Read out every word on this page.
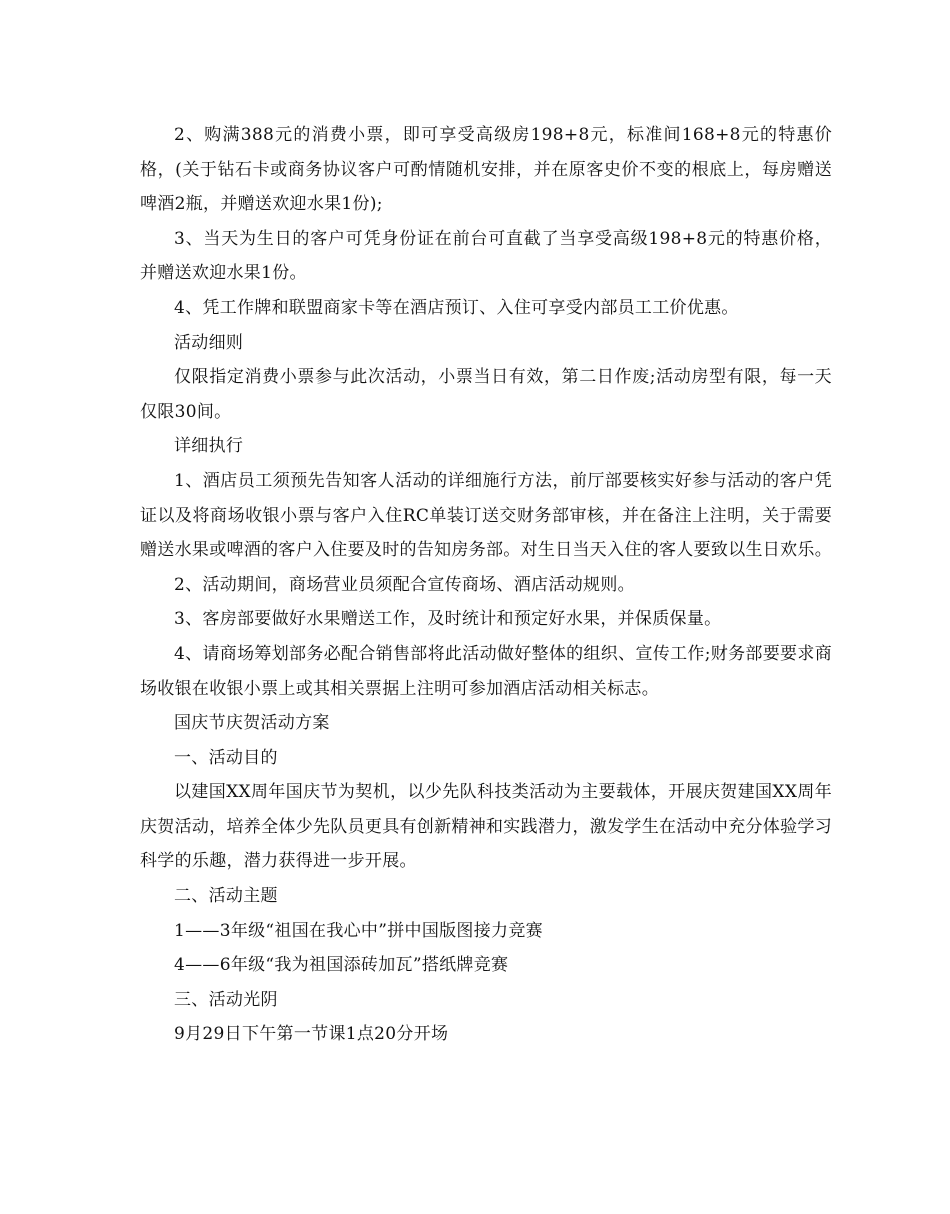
2、购满388元的消费小票，即可享受高级房198+8元，标准间168+8元的特惠价格，(关于钻石卡或商务协议客户可酌情随机安排，并在原客史价不变的根底上，每房赠送啤酒2瓶，并赠送欢迎水果1份);

3、当天为生日的客户可凭身份证在前台可直截了当享受高级198+8元的特惠价格，并赠送欢迎水果1份。

4、凭工作牌和联盟商家卡等在酒店预订、入住可享受内部员工工价优惠。

活动细则

仅限指定消费小票参与此次活动，小票当日有效，第二日作废;活动房型有限，每一天仅限30间。

详细执行

1、酒店员工须预先告知客人活动的详细施行方法，前厅部要核实好参与活动的客户凭证以及将商场收银小票与客户入住RC单装订送交财务部审核，并在备注上注明，关于需要赠送水果或啤酒的客户入住要及时的告知房务部。对生日当天入住的客人要致以生日欢乐。

2、活动期间，商场营业员须配合宣传商场、酒店活动规则。

3、客房部要做好水果赠送工作，及时统计和预定好水果，并保质保量。

4、请商场筹划部务必配合销售部将此活动做好整体的组织、宣传工作;财务部要要求商场收银在收银小票上或其相关票据上注明可参加酒店活动相关标志。

国庆节庆贺活动方案

一、活动目的

以建国XX周年国庆节为契机，以少先队科技类活动为主要载体，开展庆贺建国XX周年庆贺活动，培养全体少先队员更具有创新精神和实践潜力，激发学生在活动中充分体验学习科学的乐趣，潜力获得进一步开展。

二、活动主题

1——3年级“祖国在我心中”拼中国版图接力竞赛

4——6年级“我为祖国添砖加瓦”搭纸牌竞赛

三、活动光阴

9月29日下午第一节课1点20分开场
